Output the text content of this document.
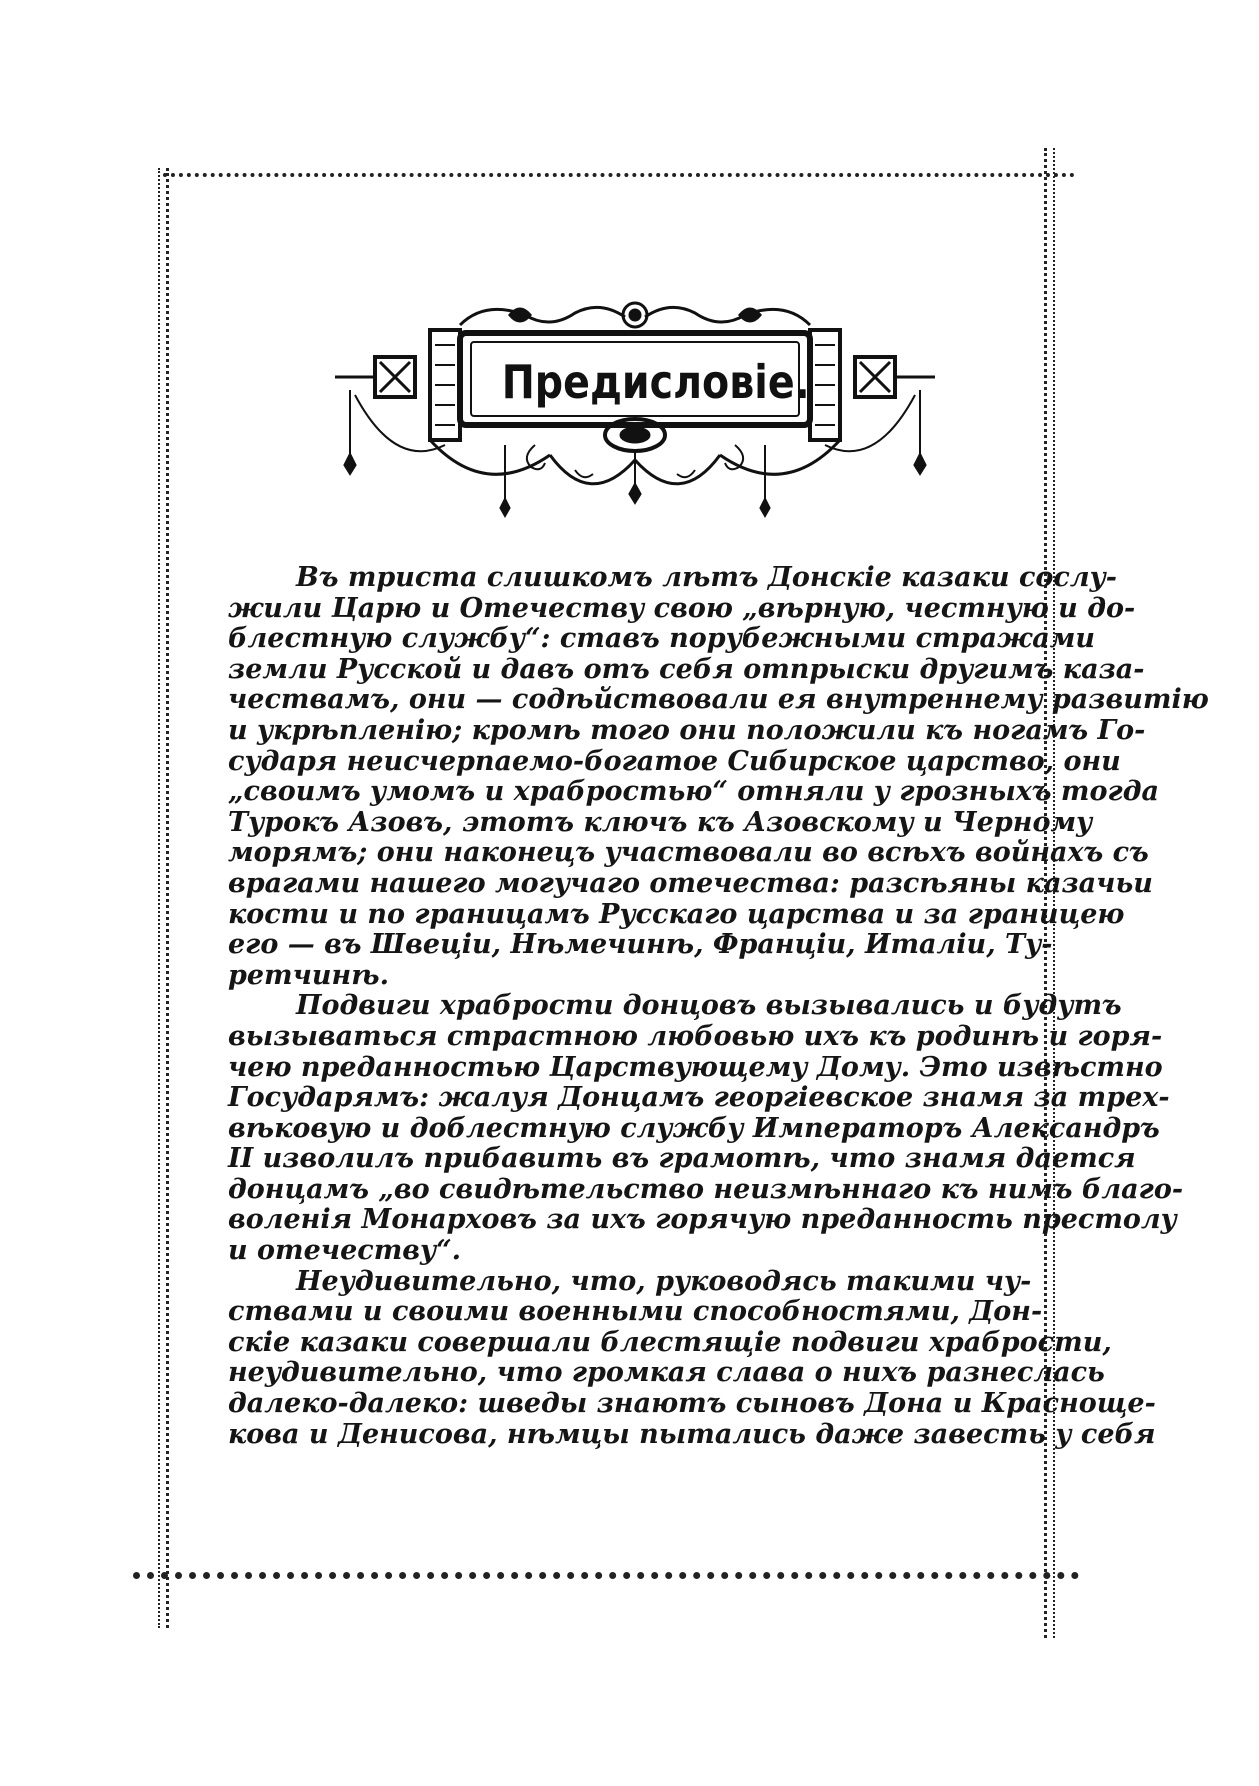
Предисловіе.
Въ триста слишкомъ лѣтъ Донскіе казаки сослу-
жили Царю и Отечеству свою „вѣрную, честную и до-
блестную службу“: ставъ порубежными стражами
земли Русской и давъ отъ себя отпрыски другимъ каза-
чествамъ, они — содѣйствовали ея внутреннему развитію
и укрѣпленію; кромѣ того они положили къ ногамъ Го-
сударя неисчерпаемо-богатое Сибирское царство, они
„своимъ умомъ и храбростью“ отняли у грозныхъ тогда
Турокъ Азовъ, этотъ ключъ къ Азовскому и Черному
морямъ; они наконецъ участвовали во всѣхъ войнахъ съ
врагами нашего могучаго отечества: разсѣяны казачьи
кости и по границамъ Русскаго царства и за границею
его — въ Швеціи, Нѣмечинѣ, Франціи, Италіи, Ту-
ретчинѣ.
Подвиги храбрости донцовъ вызывались и будутъ
вызываться страстною любовью ихъ къ родинѣ и горя-
чею преданностью Царствующему Дому. Это извѣстно
Государямъ: жалуя Донцамъ георгіевское знамя за трех-
вѣковую и доблестную службу Императоръ Александръ
II изволилъ прибавить въ грамотѣ, что знамя дается
донцамъ „во свидѣтельство неизмѣннаго къ нимъ благо-
воленія Монарховъ за ихъ горячую преданность престолу
и отечеству“.
Неудивительно, что, руководясь такими чу-
ствами и своими военными способностями, Дон-
скіе казаки совершали блестящіе подвиги храбрости,
неудивительно, что громкая слава о нихъ разнеслась
далеко-далеко: шведы знаютъ сыновъ Дона и Краснощe-
кова и Денисова, нѣмцы пытались даже завесть у себя
